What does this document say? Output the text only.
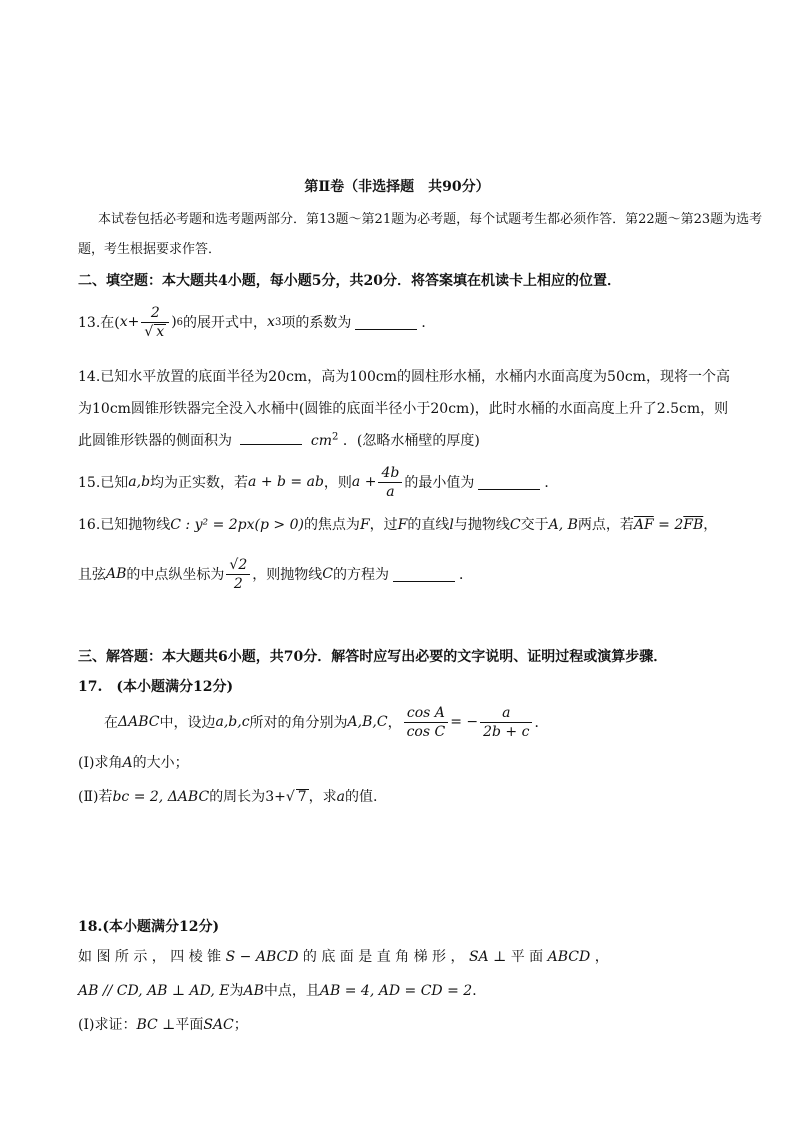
第Ⅱ卷（非选择题　共90分）
本试卷包括必考题和选考题两部分．第13题～第21题为必考题，每个试题考生都必须作答．第22题～第23题为选考
题，考生根据要求作答．
二、填空题：本大题共4小题，每小题5分，共20分．将答案填在机读卡上相应的位置．
13.在( $x + \frac{2}{√ x}$ ) 6 的展开式中， x 3 项的系数为	．
14.已知水平放置的底面半径为20cm，高为100cm的圆柱形水桶，水桶内水面高度为50cm，现将一个高
为10cm圆锥形铁器完全没入水桶中(圆锥的底面半径小于20cm)，此时水桶的水面高度上升了2.5cm，则
此圆锥形铁器的侧面积为	$cm^2$ ．(忽略水桶壁的厚度)
15.已知 a,b 均为正实数，若 a + b = ab ，则 $a + \frac{4b}{a}$ 的最小值为	．
16.已知抛物线C : y² = 2px(p > 0)的焦点为F，过F的直线l与抛物线C交于A, B两点，若$\overline{AF} = 2\overline{FB}$，
且弦 AB 的中点纵坐标为 $\frac{√2}{2}$ ，则抛物线 C 的方程为	．
三、解答题：本大题共6小题，共70分．解答时应写出必要的文字说明、证明过程或演算步骤．
17.　(本小题满分12分)
在 ΔABC 中，设边 a,b,c 所对的角分别为 A,B,C ， $\frac{\text{cos A}}{\text{cos C}}$ = − $\frac{a}{2b + c}$ ．
(Ⅰ)求角A的大小；
(Ⅱ)若bc = 2, ΔABC的周长为3+√ 7 ，求a的值.
18.(本小题满分12分)
如 图 所 示 ， 四 棱 锥 S − ABCD 的 底 面 是 直 角 梯 形 ， SA ⊥ 平 面 ABCD ，
AB // CD, AB ⊥ AD, E为AB中点，且AB = 4, AD = CD = 2．
(Ⅰ)求证：BC ⊥平面SAC；
